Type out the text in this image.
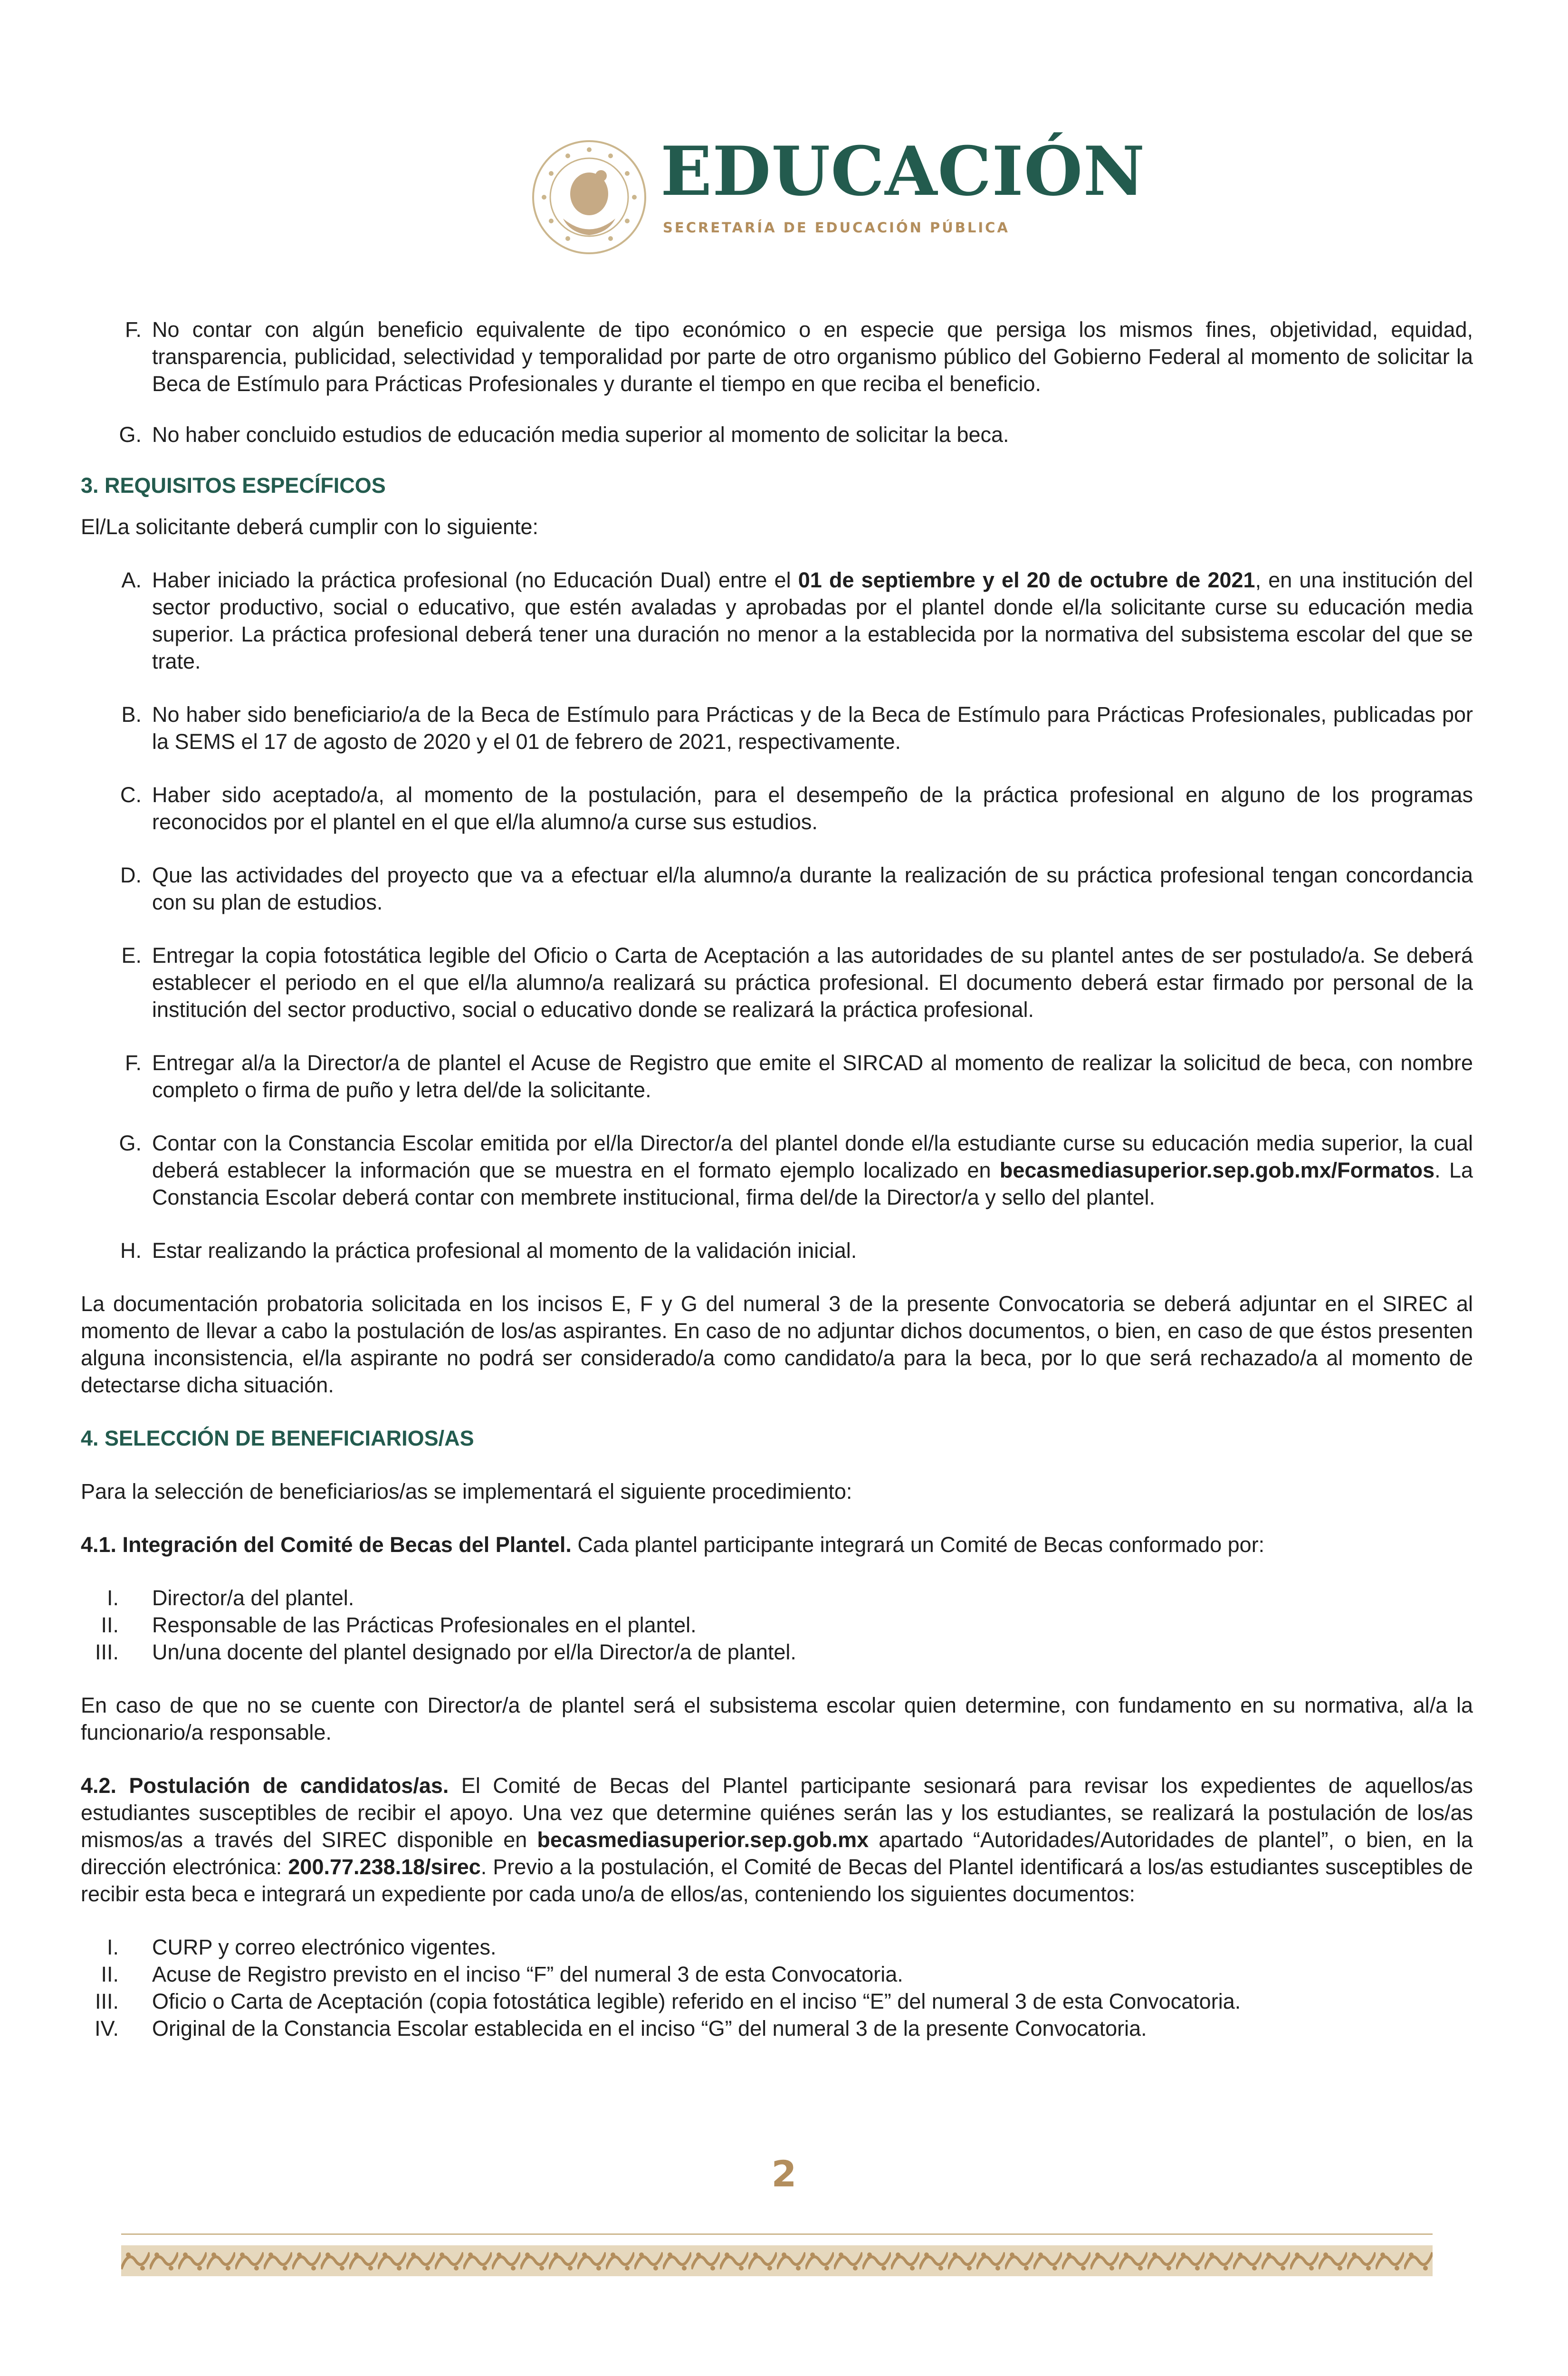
EDUCACIÓN
SECRETARÍA DE EDUCACIÓN PÚBLICA
F. No contar con algún beneficio equivalente de tipo económico o en especie que persiga los mismos fines, objetividad, equidad, transparencia, publicidad, selectividad y temporalidad por parte de otro organismo público del Gobierno Federal al momento de solicitar la Beca de Estímulo para Prácticas Profesionales y durante el tiempo en que reciba el beneficio.
G. No haber concluido estudios de educación media superior al momento de solicitar la beca.

3. REQUISITOS ESPECÍFICOS

El/La solicitante deberá cumplir con lo siguiente:

A. Haber iniciado la práctica profesional (no Educación Dual) entre el 01 de septiembre y el 20 de octubre de 2021, en una institución del sector productivo, social o educativo, que estén avaladas y aprobadas por el plantel donde el/la solicitante curse su educación media superior. La práctica profesional deberá tener una duración no menor a la establecida por la normativa del subsistema escolar del que se trate.
B. No haber sido beneficiario/a de la Beca de Estímulo para Prácticas y de la Beca de Estímulo para Prácticas Profesionales, publicadas por la SEMS el 17 de agosto de 2020 y el 01 de febrero de 2021, respectivamente.
C. Haber sido aceptado/a, al momento de la postulación, para el desempeño de la práctica profesional en alguno de los programas reconocidos por el plantel en el que el/la alumno/a curse sus estudios.
D. Que las actividades del proyecto que va a efectuar el/la alumno/a durante la realización de su práctica profesional tengan concordancia con su plan de estudios.
E. Entregar la copia fotostática legible del Oficio o Carta de Aceptación a las autoridades de su plantel antes de ser postulado/a. Se deberá establecer el periodo en el que el/la alumno/a realizará su práctica profesional. El documento deberá estar firmado por personal de la institución del sector productivo, social o educativo donde se realizará la práctica profesional.
F. Entregar al/a la Director/a de plantel el Acuse de Registro que emite el SIRCAD al momento de realizar la solicitud de beca, con nombre completo o firma de puño y letra del/de la solicitante.
G. Contar con la Constancia Escolar emitida por el/la Director/a del plantel donde el/la estudiante curse su educación media superior, la cual deberá establecer la información que se muestra en el formato ejemplo localizado en becasmediasuperior.sep.gob.mx/Formatos. La Constancia Escolar deberá contar con membrete institucional, firma del/de la Director/a y sello del plantel.
H. Estar realizando la práctica profesional al momento de la validación inicial.

La documentación probatoria solicitada en los incisos E, F y G del numeral 3 de la presente Convocatoria se deberá adjuntar en el SIREC al momento de llevar a cabo la postulación de los/as aspirantes. En caso de no adjuntar dichos documentos, o bien, en caso de que éstos presenten alguna inconsistencia, el/la aspirante no podrá ser considerado/a como candidato/a para la beca, por lo que será rechazado/a al momento de detectarse dicha situación.

4. SELECCIÓN DE BENEFICIARIOS/AS

Para la selección de beneficiarios/as se implementará el siguiente procedimiento:

4.1. Integración del Comité de Becas del Plantel. Cada plantel participante integrará un Comité de Becas conformado por:

I.	Director/a del plantel.
II.	Responsable de las Prácticas Profesionales en el plantel.
III.	Un/una docente del plantel designado por el/la Director/a de plantel.

En caso de que no se cuente con Director/a de plantel será el subsistema escolar quien determine, con fundamento en su normativa, al/a la funcionario/a responsable.

4.2. Postulación de candidatos/as. El Comité de Becas del Plantel participante sesionará para revisar los expedientes de aquellos/as estudiantes susceptibles de recibir el apoyo. Una vez que determine quiénes serán las y los estudiantes, se realizará la postulación de los/as mismos/as a través del SIREC disponible en becasmediasuperior.sep.gob.mx apartado “Autoridades/Autoridades de plantel”, o bien, en la dirección electrónica: 200.77.238.18/sirec. Previo a la postulación, el Comité de Becas del Plantel identificará a los/as estudiantes susceptibles de recibir esta beca e integrará un expediente por cada uno/a de ellos/as, conteniendo los siguientes documentos:

I.	CURP y correo electrónico vigentes.
II.	Acuse de Registro previsto en el inciso “F” del numeral 3 de esta Convocatoria.
III.	Oficio o Carta de Aceptación (copia fotostática legible) referido en el inciso “E” del numeral 3 de esta Convocatoria.
IV.	Original de la Constancia Escolar establecida en el inciso “G” del numeral 3 de la presente Convocatoria.
2
